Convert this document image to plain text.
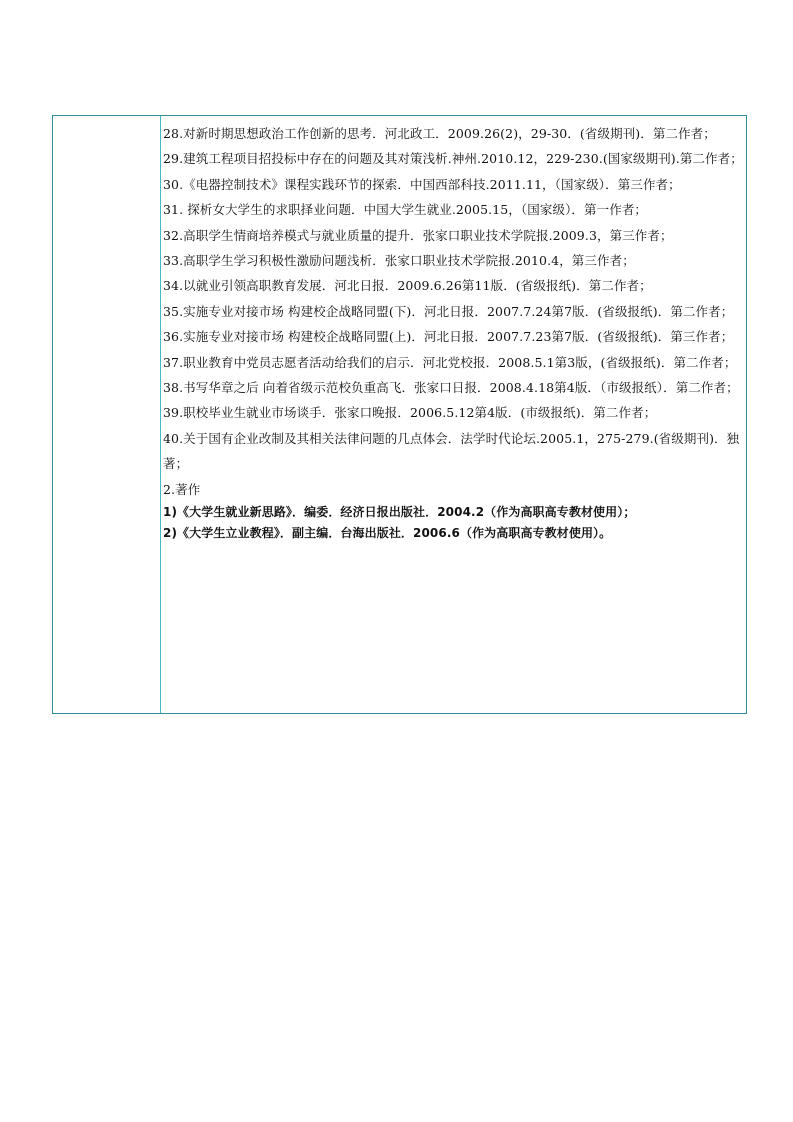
28.对新时期思想政治工作创新的思考．河北政工．2009.26(2)，29-30．(省级期刊)．第二作者；

29.建筑工程项目招投标中存在的问题及其对策浅析.神州.2010.12，229-230.(国家级期刊).第二作者；

30.《电器控制技术》课程实践环节的探索．中国西部科技.2011.11，（国家级）．第三作者；

31. 探析女大学生的求职择业问题．中国大学生就业.2005.15，（国家级）．第一作者；

32.高职学生情商培养模式与就业质量的提升．张家口职业技术学院报.2009.3，第三作者；

33.高职学生学习积极性激励问题浅析．张家口职业技术学院报.2010.4，第三作者；

34.以就业引领高职教育发展．河北日报．2009.6.26第11版．(省级报纸)．第二作者；

35.实施专业对接市场 构建校企战略同盟(下)．河北日报．2007.7.24第7版．(省级报纸)．第二作者；

36.实施专业对接市场 构建校企战略同盟(上)．河北日报．2007.7.23第7版．(省级报纸)．第三作者；

37.职业教育中党员志愿者活动给我们的启示．河北党校报．2008.5.1第3版，(省级报纸)．第二作者；

38.书写华章之后 向着省级示范校负重高飞．张家口日报．2008.4.18第4版．（市级报纸）．第二作者；

39.职校毕业生就业市场谈手．张家口晚报．2006.5.12第4版．(市级报纸)．第二作者；

40.关于国有企业改制及其相关法律问题的几点体会．法学时代论坛.2005.1，275-279.(省级期刊)．独著；

2.著作

1)《大学生就业新思路》．编委．经济日报出版社．2004.2（作为高职高专教材使用）；

2)《大学生立业教程》．副主编．台海出版社．2006.6（作为高职高专教材使用）。
